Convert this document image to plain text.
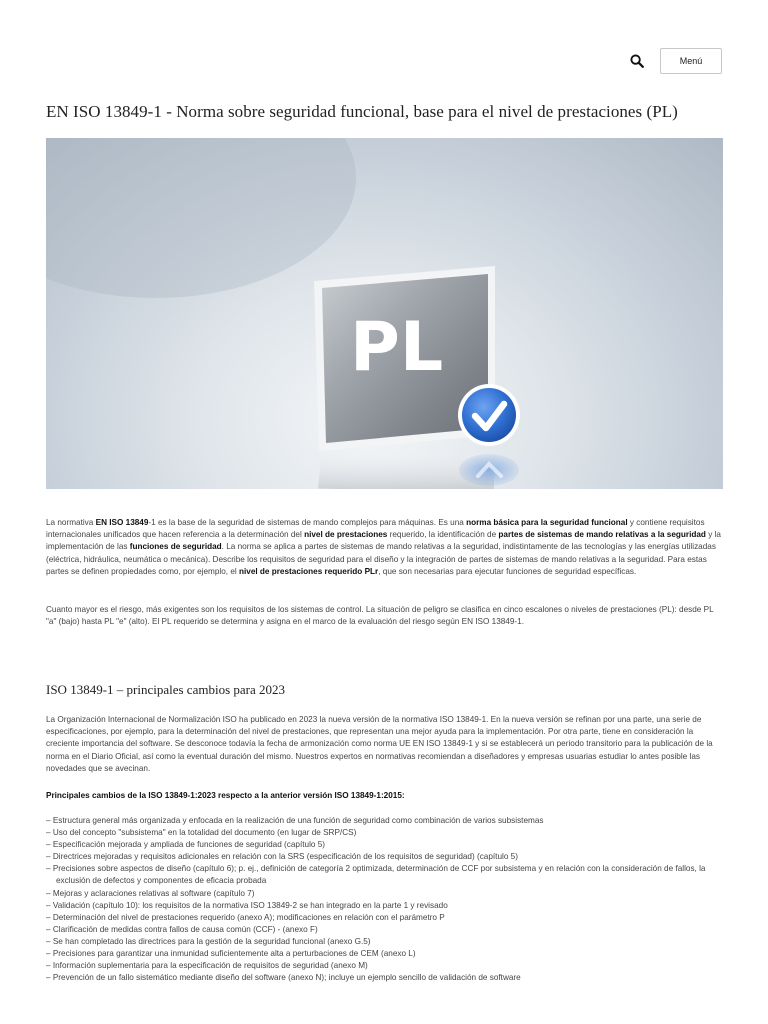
Menú
EN ISO 13849-1 - Norma sobre seguridad funcional, base para el nivel de prestaciones (PL)
PL
La normativa EN ISO 13849-1 es la base de la seguridad de sistemas de mando complejos para máquinas. Es una norma básica para la seguridad funcional y contiene requisitos internacionales unificados que hacen referencia a la determinación del nivel de prestaciones requerido, la identificación de partes de sistemas de mando relativas a la seguridad y la implementación de las funciones de seguridad. La norma se aplica a partes de sistemas de mando relativas a la seguridad, indistintamente de las tecnologías y las energías utilizadas (eléctrica, hidráulica, neumática o mecánica). Describe los requisitos de seguridad para el diseño y la integración de partes de sistemas de mando relativas a la seguridad. Para estas partes se definen propiedades como, por ejemplo, el nivel de prestaciones requerido PLr, que son necesarias para ejecutar funciones de seguridad específicas.
Cuanto mayor es el riesgo, más exigentes son los requisitos de los sistemas de control. La situación de peligro se clasifica en cinco escalones o niveles de prestaciones (PL): desde PL "a" (bajo) hasta PL "e" (alto). El PL requerido se determina y asigna en el marco de la evaluación del riesgo según EN ISO 13849-1.
ISO 13849-1 – principales cambios para 2023
La Organización Internacional de Normalización ISO ha publicado en 2023 la nueva versión de la normativa ISO 13849-1. En la nueva versión se refinan por una parte, una serie de especificaciones, por ejemplo, para la determinación del nivel de prestaciones, que representan una mejor ayuda para la implementación. Por otra parte, tiene en consideración la creciente importancia del software. Se desconoce todavía la fecha de armonización como norma UE EN ISO 13849-1 y si se establecerá un periodo transitorio para la publicación de la norma en el Diario Oficial, así como la eventual duración del mismo. Nuestros expertos en normativas recomiendan a diseñadores y empresas usuarias estudiar lo antes posible las novedades que se avecinan.
Principales cambios de la ISO 13849-1:2023 respecto a la anterior versión ISO 13849-1:2015:
– Estructura general más organizada y enfocada en la realización de una función de seguridad como combinación de varios subsistemas
– Uso del concepto "subsistema" en la totalidad del documento (en lugar de SRP/CS)
– Especificación mejorada y ampliada de funciones de seguridad (capítulo 5)
– Directrices mejoradas y requisitos adicionales en relación con la SRS (especificación de los requisitos de seguridad) (capítulo 5)
– Precisiones sobre aspectos de diseño (capítulo 6); p. ej., definición de categoría 2 optimizada, determinación de CCF por subsistema y en relación con la consideración de fallos, la exclusión de defectos y componentes de eficacia probada
– Mejoras y aclaraciones relativas al software (capítulo 7)
– Validación (capítulo 10): los requisitos de la normativa ISO 13849-2 se han integrado en la parte 1 y revisado
– Determinación del nivel de prestaciones requerido (anexo A); modificaciones en relación con el parámetro P
– Clarificación de medidas contra fallos de causa común (CCF) - (anexo F)
– Se han completado las directrices para la gestión de la seguridad funcional (anexo G.5)
– Precisiones para garantizar una inmunidad suficientemente alta a perturbaciones de CEM (anexo L)
– Información suplementaria para la especificación de requisitos de seguridad (anexo M)
– Prevención de un fallo sistemático mediante diseño del software (anexo N); incluye un ejemplo sencillo de validación de software
